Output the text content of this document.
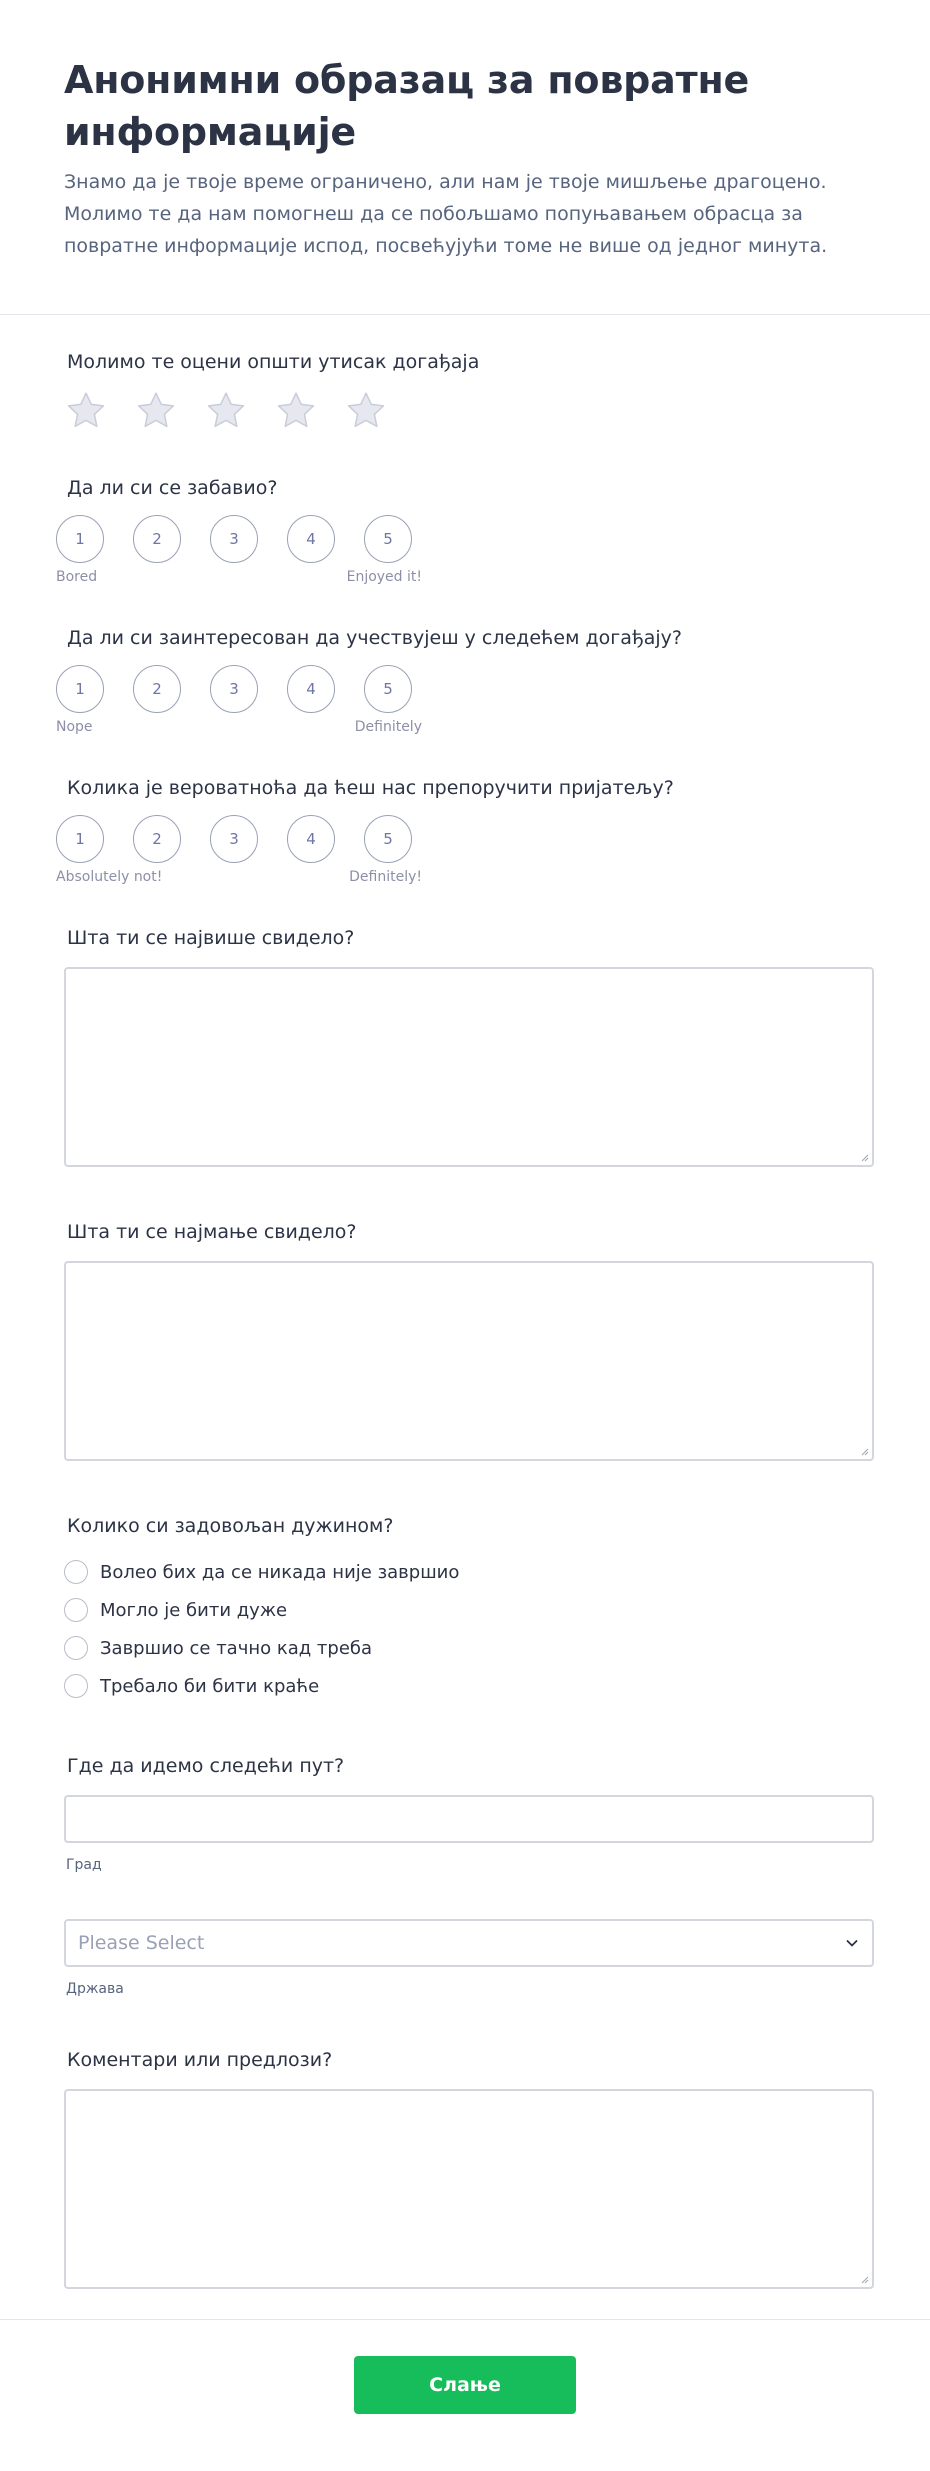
Анонимни образац за повратне информације

Знамо да је твоје време ограничено, али нам је твоје мишљење драгоцено. Молимо те да нам помогнеш да се побољшамо попуњавањем обрасца за повратне информације испод, посвећујући томе не више од једног минута.

Молимо те оцени општи утисак догађаја
Да ли си се забавио?
1	2	3	4	5
Bored	Enjoyed it!
Да ли си заинтересован да учествујеш у следећем догађају?
1	2	3	4	5
Nope	Definitely
Колика је вероватноћа да ћеш нас препоручити пријатељу?
1	2	3	4	5
Absolutely not!	Definitely!
Шта ти се највише свидело?
Шта ти се најмање свидело?
Колико си задовољан дужином?
Волео бих да се никада није завршио
Могло је бити дуже
Завршио се тачно кад треба
Требало би бити краће
Где да идемо следећи пут?
Град
Please Select
Држава
Коментари или предлози?
Слање
